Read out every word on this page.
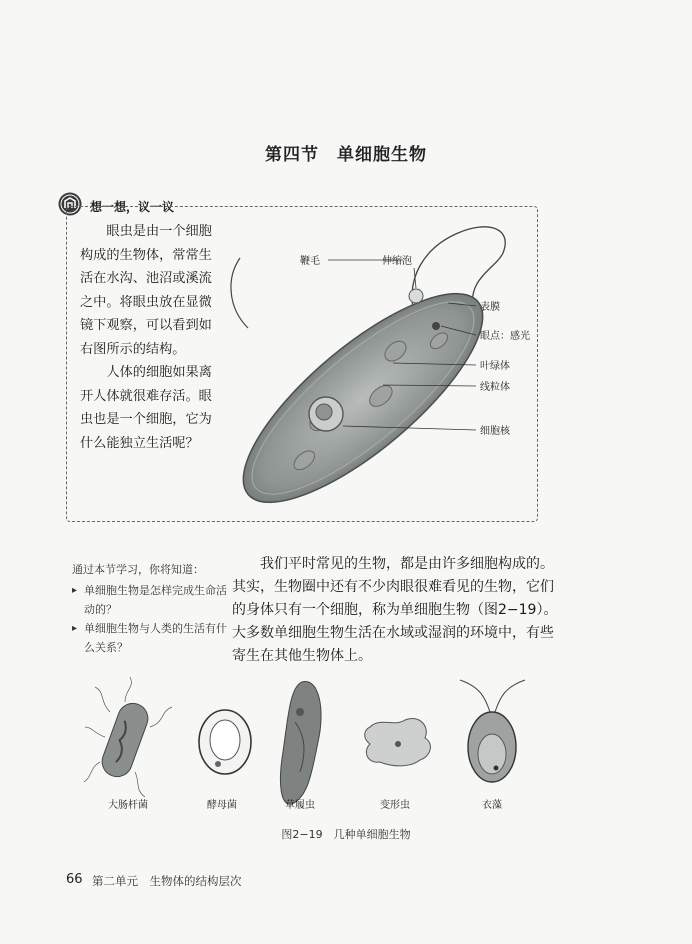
第四节　单细胞生物
想一想，议一议

眼虫是由一个细胞构成的生物体，常常生活在水沟、池沼或溪流之中。将眼虫放在显微镜下观察，可以看到如右图所示的结构。

人体的细胞如果离开人体就很难存活。眼虫也是一个细胞，它为什么能独立生活呢？

鞭毛	伸缩泡
表膜
眼点：感光
叶绿体
线粒体
细胞核
通过本节学习，你将知道：
▸ 单细胞生物是怎样完成生命活动的？
▸ 单细胞生物与人类的生活有什么关系？

我们平时常见的生物，都是由许多细胞构成的。其实，生物圈中还有不少肉眼很难看见的生物，它们的身体只有一个细胞，称为单细胞生物（图2−19）。大多数单细胞生物生活在水域或湿润的环境中，有些寄生在其他生物体上。

大肠杆菌	酵母菌	草履虫	变形虫	衣藻
图2−19　几种单细胞生物
66 第二单元　生物体的结构层次
